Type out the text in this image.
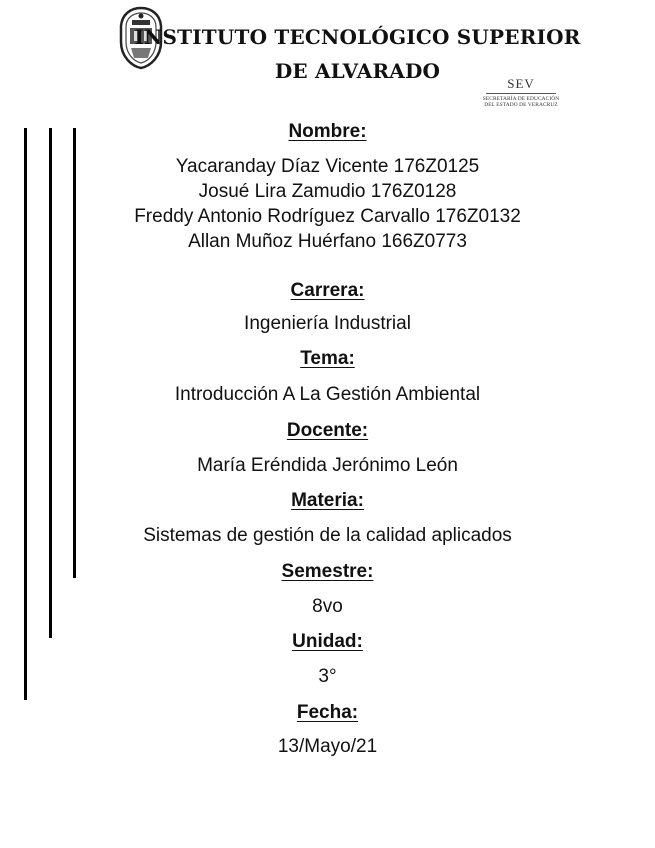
INSTITUTO TECNOLÓGICO SUPERIOR
DE ALVARADO
SEV
SECRETARÍA DE EDUCACIÓN
DEL ESTADO DE VERACRUZ
Nombre:
Yacaranday Díaz Vicente 176Z0125
Josué Lira Zamudio 176Z0128
Freddy Antonio Rodríguez Carvallo 176Z0132
Allan Muñoz Huérfano 166Z0773
Carrera:
Ingeniería Industrial
Tema:
Introducción A La Gestión Ambiental
Docente:
María Eréndida Jerónimo León
Materia:
Sistemas de gestión de la calidad aplicados
Semestre:
8vo
Unidad:
3°
Fecha:
13/Mayo/21
